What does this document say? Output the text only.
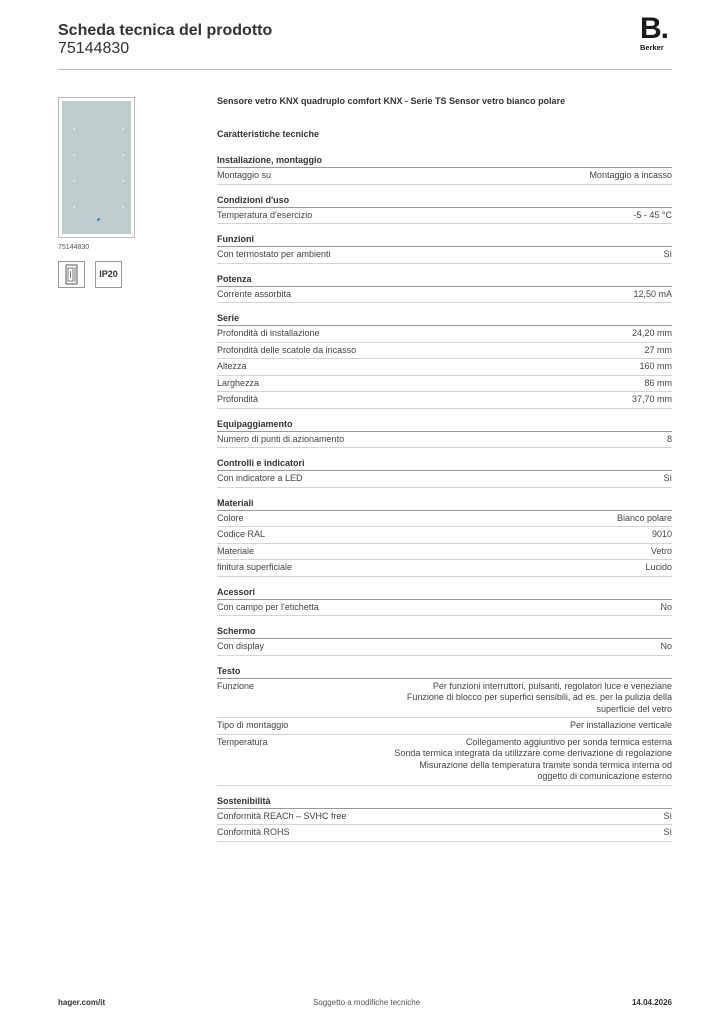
Scheda tecnica del prodotto
75144830
B.
Berker
75144830
IP20
Sensore vetro KNX quadruplo comfort KNX - Serie TS Sensor vetro bianco polare
Caratteristiche tecniche
Installazione, montaggio
Montaggio su	Montaggio a incasso
Condizioni d'uso
Temperatura d'esercizio	-5 - 45 °C
Funzioni
Con termostato per ambienti	Sì
Potenza
Corrente assorbita	12,50 mA
Serie
Profondità di installazione	24,20 mm
Profondità delle scatole da incasso	27 mm
Altezza	160 mm
Larghezza	86 mm
Profondità	37,70 mm
Equipaggiamento
Numero di punti di azionamento	8
Controlli e indicatori
Con indicatore a LED	Sì
Materiali
Colore	Bianco polare
Codice RAL	9010
Materiale	Vetro
finitura superficiale	Lucido
Acessori
Con campo per l'etichetta	No
Schermo
Con display	No
Testo
Funzione	Per funzioni interruttori, pulsanti, regolatori luce e veneziane
Funzione di blocco per superfici sensibili, ad es. per la pulizia della
superficie del vetro
Tipo di montaggio	Per installazione verticale
Temperatura	Collegamento aggiuntivo per sonda termica esterna
Sonda termica integrata da utilizzare come derivazione di regolazione
Misurazione della temperatura tramite sonda termica interna od
oggetto di comunicazione esterno
Sostenibilità
Conformità REACh – SVHC free	Sì
Conformità ROHS	Sì
hager.com/it	Soggetto a modifiche tecniche	14.04.2026
